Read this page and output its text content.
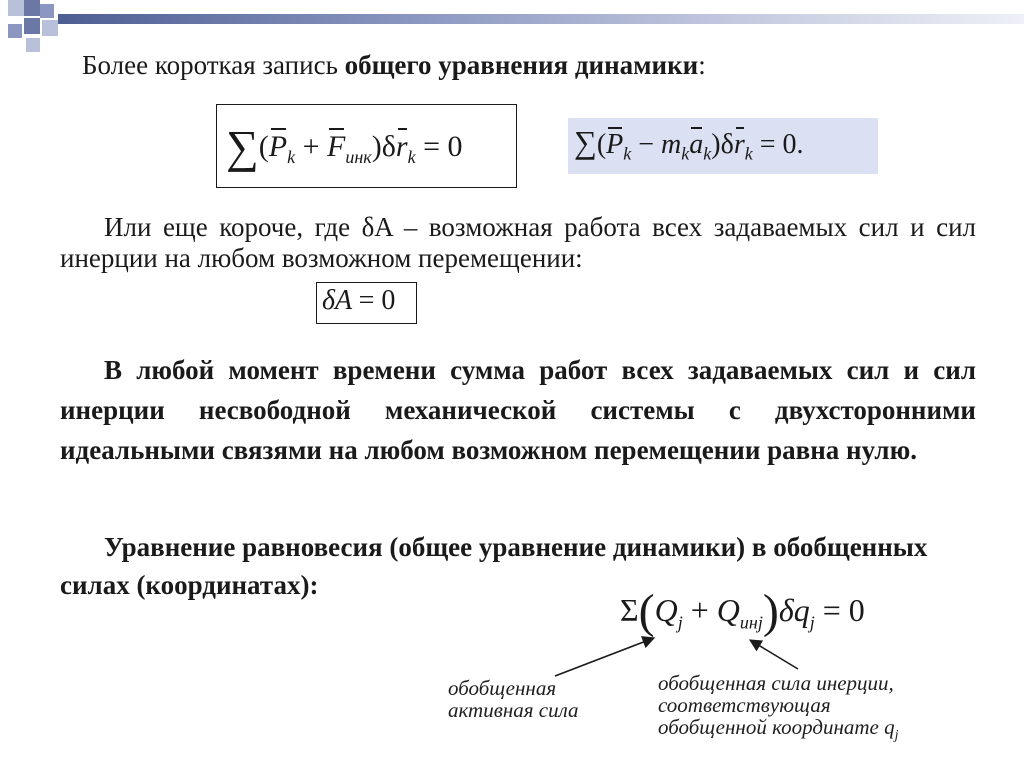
Более короткая запись общего уравнения динамики:
$\sum(P_k + F_{инк})\delta r_k = 0$	$\sum(P_k - m_ka_k)\delta r_k = 0$.
Или еще короче, где δA – возможная работа всех задаваемых сил и сил инерции на любом возможном перемещении:
δA = 0
В любой момент времени сумма работ всех задаваемых сил и сил инерции несвободной механической системы с двухсторонними идеальными связями на любом возможном перемещении равна нулю.
Уравнение равновесия (общее уравнение динамики) в обобщенных силах (координатах):
$\Sigma(Q_j + Q_{инj})\delta q_j = 0$
обобщенная
активная сила
обобщенная сила инерции,
соответствующая
обобщенной координате $q_j$
